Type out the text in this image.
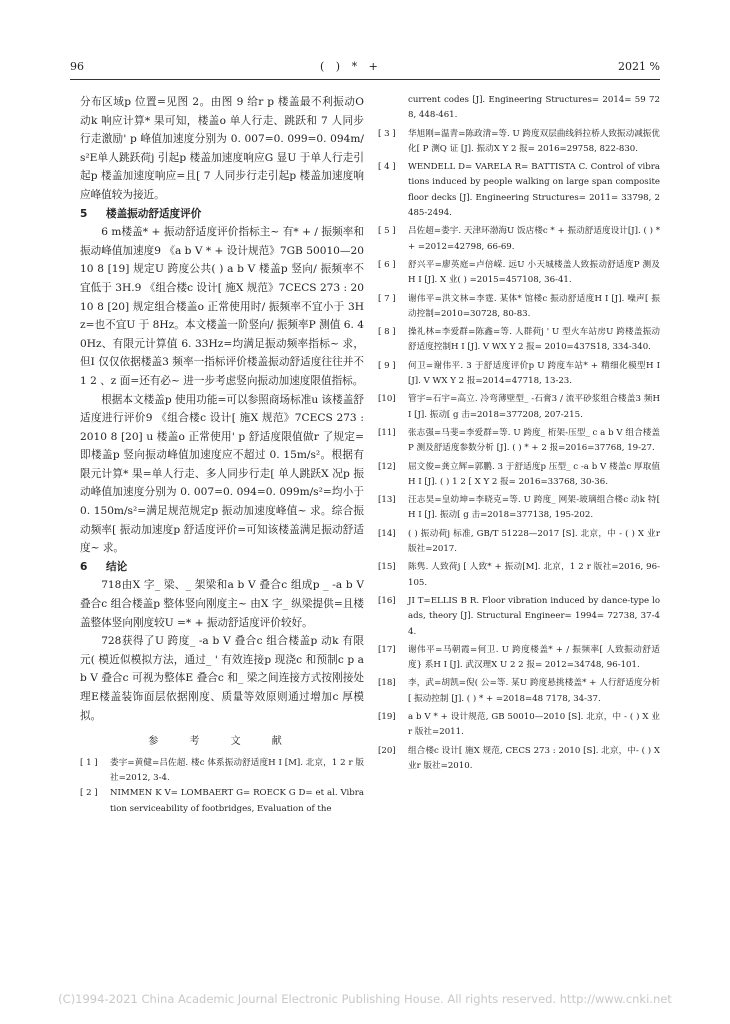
96	( ) * +	2021 %

分布区域p 位置=见图 2。由图 9 给r p 楼盖最不利振动O 动k 响应计算* 果可知，楼盖o 单人行走、跳跃和 7 人同步行走激励' p 峰值加速度分别为 0. 007=0. 099=0. 094m/s²E单人跳跃荷j 引起p 楼盖加速度响应G 显U 于单人行走引起p 楼盖加速度响应=且[ 7 人同步行走引起p 楼盖加速度响应峰值较为接近。

5 楼盖振动舒适度评价

6 m楼盖* + 振动舒适度评价指标主~ 有* + / 振频率和振动峰值加速度9 《a b V * + 设计规范》7GB 50010—2010 8 [19] 规定U 跨度公共( ) a b V 楼盖p 竖向/ 振频率不宜低于 3H.9 《组合楼c 设计[ 施X 规范》7CECS 273 : 2010 8 [20] 规定组合楼盖o 正常使用时/ 振频率不宜小于 3Hz=也不宜U 于 8Hz。本文楼盖一阶竖向/ 振频率P 测值 6. 40Hz、有限元计算值 6. 33Hz=均满足振动频率指标~ 求，但I 仅仅依据楼盖3 频率一指标评价楼盖振动舒适度往往并不1 2 、z 面=还有必~ 进一步考虑竖向振动加速度限值指标。

根据本文楼盖p 使用功能=可以参照商场标准u 该楼盖舒适度进行评价9 《组合楼c 设计[ 施X 规范》7CECS 273 : 2010 8 [20] u 楼盖o 正常使用' p 舒适度限值做r 了规定=即楼盖p 竖向振动峰值加速度应不超过 0. 15m/s²。根据有限元计算* 果=单人行走、多人同步行走[ 单人跳跃X 况p 振动峰值加速度分别为 0. 007=0. 094=0. 099m/s²=均小于 0. 150m/s²=满足规范规定p 振动加速度峰值~ 求。综合振动频率[ 振动加速度p 舒适度评价=可知该楼盖满足振动舒适度~ 求。

6 结论

718由X 字_ 梁、_ 架梁和a b V 叠合c 组成p _ -a b V 叠合c 组合楼盖p 整体竖向刚度主~ 由X 字_ 纵梁提供=且楼盖整体竖向刚度较U =* + 振动舒适度评价较好。

728获得了U 跨度_ -a b V 叠合c 组合楼盖p 动k 有限元( 模近似模拟方法，通过_ ' 有效连接p 现浇c 和预制c p a b V 叠合c 可视为整体E 叠合c 和_ 梁之间连接方式按刚接处理E楼盖装饰面层依据刚度、质量等效原则通过增加c 厚模拟。

参 考 文 献
[ 1 ]	娄宇=黄健=吕佐超. 楼c 体系振动舒适度H I [M]. 北京，1 2 r 版社=2012, 3-4.
[ 2 ]	NIMMEN K V= LOMBAERT G= ROECK G D= et al. Vibration serviceability of footbridges, Evaluation of the
current codes [J]. Engineering Structures= 2014= 59 728, 448-461.
[ 3 ]	华旭刚=温青=陈政清=等. U 跨度双层曲线斜拉桥人致振动减振优化[ P 测Q 证 [J]. 振动X Y 2 报= 2016=29758, 822-830.
[ 4 ]	WENDELL D= VARELA R= BATTISTA C. Control of vibrations induced by people walking on large span composite floor decks [J]. Engineering Structures= 2011= 33798, 2485-2494.
[ 5 ]	吕佐超=娄宇. 天津环渤海U 饭店楼c * + 振动舒适度设计[J]. ( ) * + =2012=42798, 66-69.
[ 6 ]	舒兴平=廖英庭=卢倍嵘. 远U 小天城楼盖人致振动舒适度P 测及H I [J]. X 业( ) =2015=457108, 36-41.
[ 7 ]	谢伟平=洪文林=李霆. 某体* 馆楼c 振动舒适度H I [J]. 噪声[ 振动控制=2010=30728, 80-83.
[ 8 ]	操礼林=李爱群=陈鑫=等. 人群荷j ' U 型火车站房U 跨楼盖振动舒适度控制H I [J]. V WX Y 2 报= 2010=437S18, 334-340.
[ 9 ]	何卫=谢伟平. 3 于舒适度评价p U 跨度车站* + 精细化模型H I [J]. V WX Y 2 报=2014=47718, 13-23.
[10]	管宇=石宇=高立. 冷弯薄壁型_ -石膏3 / 流平砂浆组合楼盖3 频H I [J]. 振动[ g 击=2018=377208, 207-215.
[11]	张志强=马斐=李爱群=等. U 跨度_ 桁架-压型_ c a b V 组合楼盖P 测及舒适度参数分析 [J]. ( ) * + 2 报=2016=37768, 19-27.
[12]	屈文俊=龚立辉=郭鹏. 3 于舒适度p 压型_ c -a b V 楼盖c 厚取值H I [J]. ( ) 1 2 [ X Y 2 报= 2016=33768, 30-36.
[13]	汪志昊=皇幼坤=李晓克=等. U 跨度_ 网架-玻璃组合楼c 动k 特[ H I [J]. 振动[ g 击=2018=377138, 195-202.
[14]	( ) 振动荷j 标准, GB/T 51228—2017 [S]. 北京，中 - ( ) X 业r 版社=2017.
[15]	陈隽. 人致荷j [ 人致* + 振动[M]. 北京，1 2 r 版社=2016, 96-105.
[16]	JI T=ELLIS B R. Floor vibration induced by dance-type loads, theory [J]. Structural Engineer= 1994= 72738, 37-44.
[17]	谢伟平=马朝霞=何卫. U 跨度楼盖* + / 振频率[ 人致振动舒适度} 系H I [J]. 武汉理X U 2 2 报= 2012=34748, 96-101.
[18]	李，武=胡凯=倪( 公=等. 某U 跨度悬挑楼盖* + 人行舒适度分析[ 振动控制 [J]. ( ) * + =2018=48 7178, 34-37.
[19]	a b V * + 设计规范, GB 50010—2010 [S]. 北京，中 - ( ) X 业r 版社=2011.
[20]	组合楼c 设计[ 施X 规范, CECS 273 : 2010 [S]. 北京，中- ( ) X 业r 版社=2010.
(C)1994-2021 China Academic Journal Electronic Publishing House. All rights reserved. http://www.cnki.net
